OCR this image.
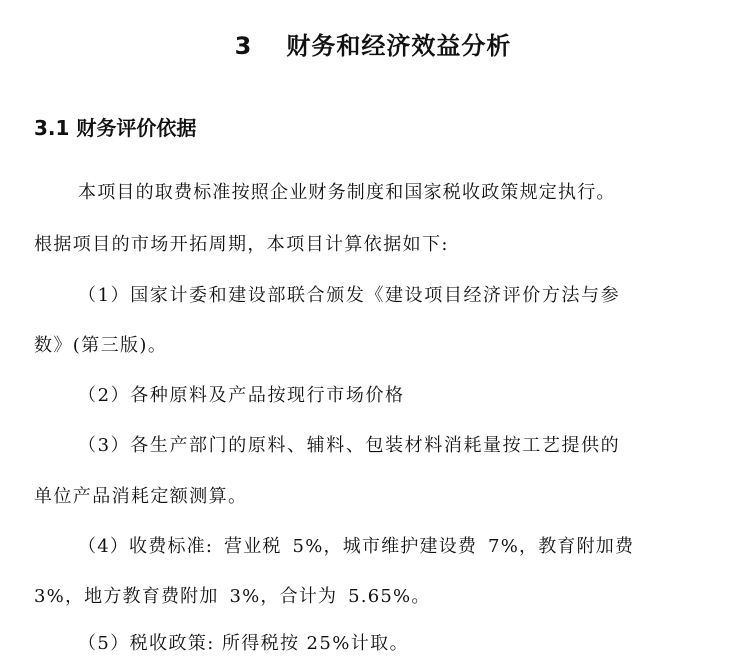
3 财务和经济效益分析
3.1 财务评价依据
本项目的取费标准按照企业财务制度和国家税收政策规定执行。
根据项目的市场开拓周期，本项目计算依据如下:
（1）国家计委和建设部联合颁发《建设项目经济评价方法与参
数》(第三版)。
（2）各种原料及产品按现行市场价格
（3）各生产部门的原料、辅料、包装材料消耗量按工艺提供的
单位产品消耗定额测算。
（4）收费标准: 营业税 5%，城市维护建设费 7%，教育附加费
3%，地方教育费附加 3%，合计为 5.65%。
（5）税收政策: 所得税按 25%计取。
